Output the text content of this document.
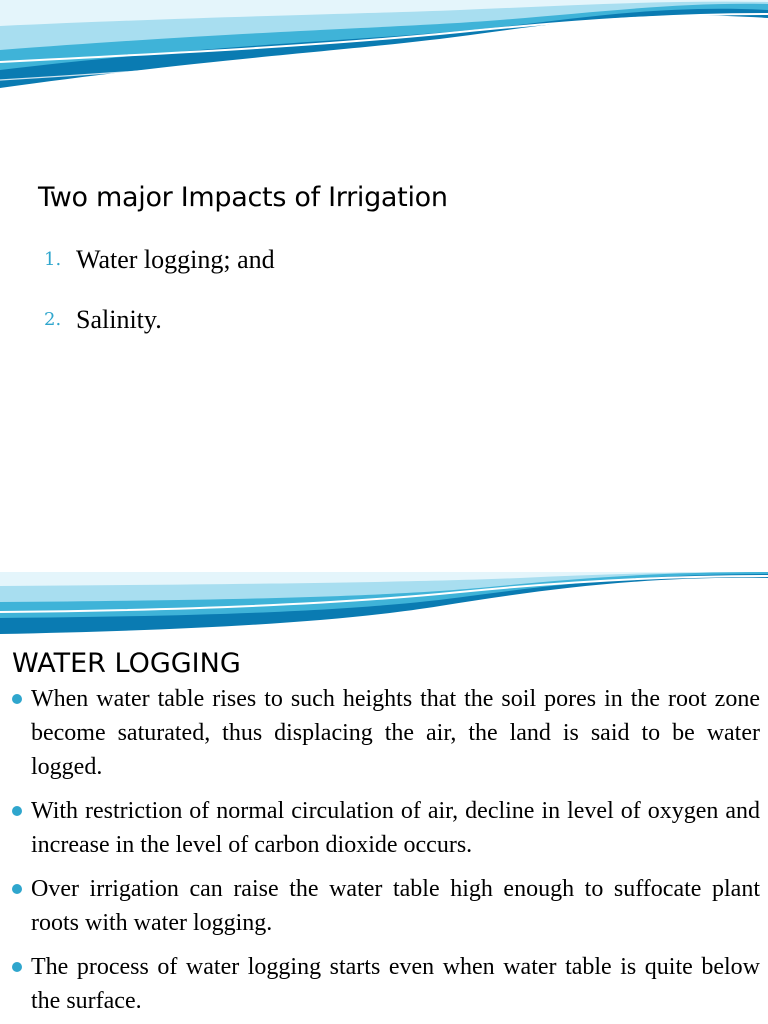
Two major Impacts of Irrigation
1. Water logging; and
2. Salinity.
WATER LOGGING
When water table rises to such heights that the soil pores in the root zone become saturated, thus displacing the air, the land is said to be water logged.
With restriction of normal circulation of air, decline in level of oxygen and increase in the level of carbon dioxide occurs.
Over irrigation can raise the water table high enough to suffocate plant roots with water logging.
The process of water logging starts even when water table is quite below the surface.
